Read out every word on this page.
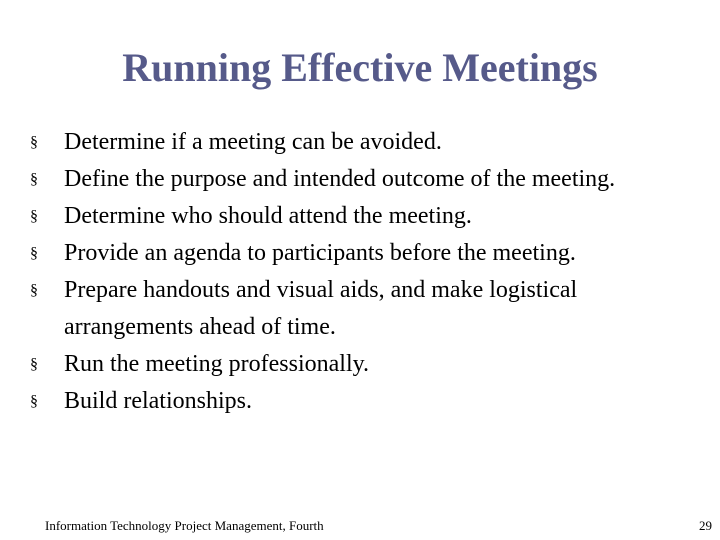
Running Effective Meetings
§	Determine if a meeting can be avoided.
§	Define the purpose and intended outcome of the meeting.
§	Determine who should attend the meeting.
§	Provide an agenda to participants before the meeting.
§	Prepare handouts and visual aids, and make logistical arrangements ahead of time.
§	Run the meeting professionally.
§	Build relationships.
Information Technology Project Management, Fourth	29
